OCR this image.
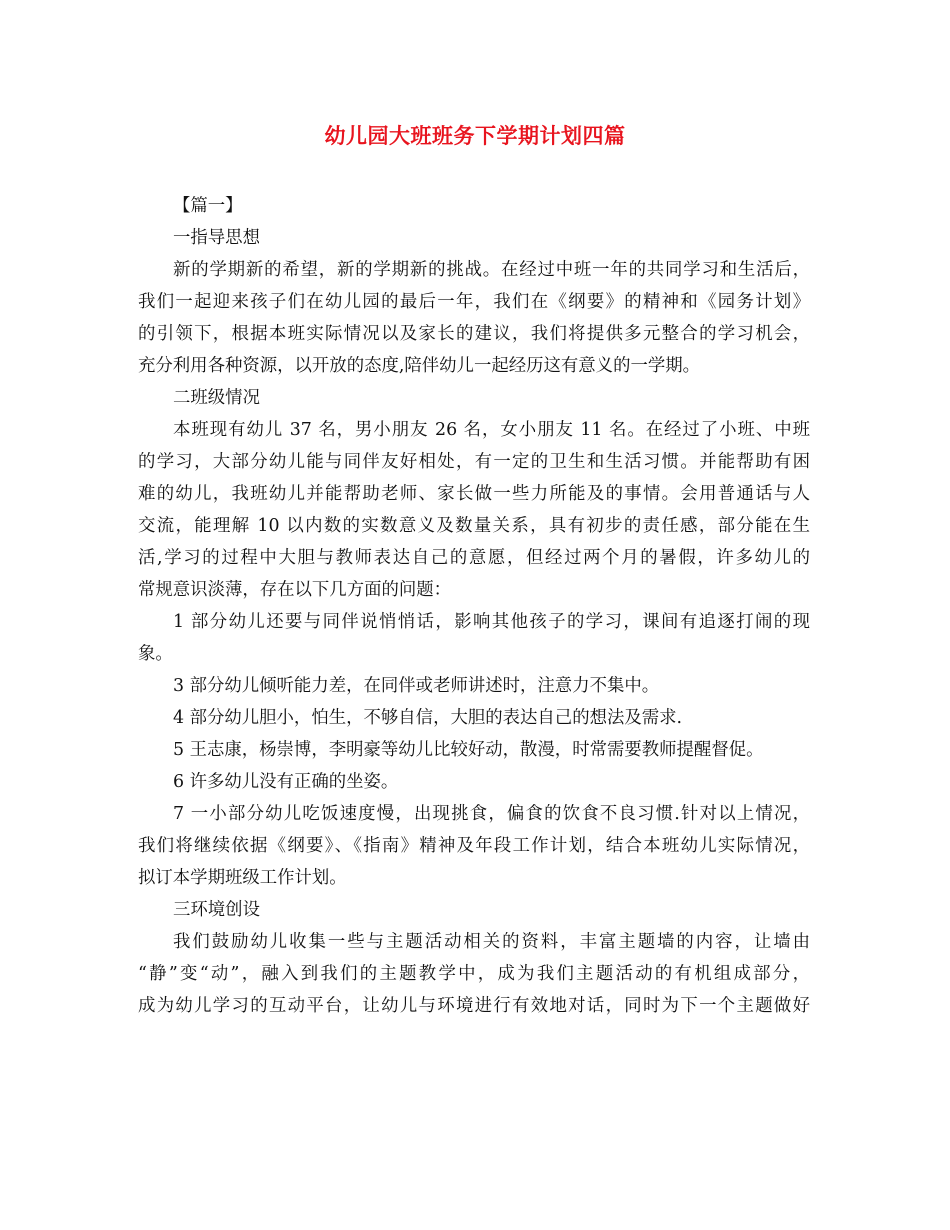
幼儿园大班班务下学期计划四篇
【篇一】
一指导思想
新的学期新的希望，新的学期新的挑战。在经过中班一年的共同学习和生活后，
我们一起迎来孩子们在幼儿园的最后一年，我们在《纲要》的精神和《园务计划》
的引领下，根据本班实际情况以及家长的建议，我们将提供多元整合的学习机会，
充分利用各种资源，以开放的态度,陪伴幼儿一起经历这有意义的一学期。
二班级情况
本班现有幼儿 37 名，男小朋友 26 名，女小朋友 11 名。在经过了小班、中班
的学习，大部分幼儿能与同伴友好相处，有一定的卫生和生活习惯。并能帮助有困
难的幼儿，我班幼儿并能帮助老师、家长做一些力所能及的事情。会用普通话与人
交流，能理解 10 以内数的实数意义及数量关系，具有初步的责任感，部分能在生
活,学习的过程中大胆与教师表达自己的意愿，但经过两个月的暑假，许多幼儿的
常规意识淡薄，存在以下几方面的问题：
1 部分幼儿还要与同伴说悄悄话，影响其他孩子的学习，课间有追逐打闹的现
象。
3 部分幼儿倾听能力差，在同伴或老师讲述时，注意力不集中。
4 部分幼儿胆小，怕生，不够自信，大胆的表达自己的想法及需求.
5 王志康，杨崇博，李明豪等幼儿比较好动，散漫，时常需要教师提醒督促。
6 许多幼儿没有正确的坐姿。
7 一小部分幼儿吃饭速度慢，出现挑食，偏食的饮食不良习惯.针对以上情况，
我们将继续依据《纲要》、《指南》精神及年段工作计划，结合本班幼儿实际情况，
拟订本学期班级工作计划。
三环境创设
我们鼓励幼儿收集一些与主题活动相关的资料，丰富主题墙的内容，让墙由
“静”变“动”，融入到我们的主题教学中，成为我们主题活动的有机组成部分，
成为幼儿学习的互动平台，让幼儿与环境进行有效地对话，同时为下一个主题做好
